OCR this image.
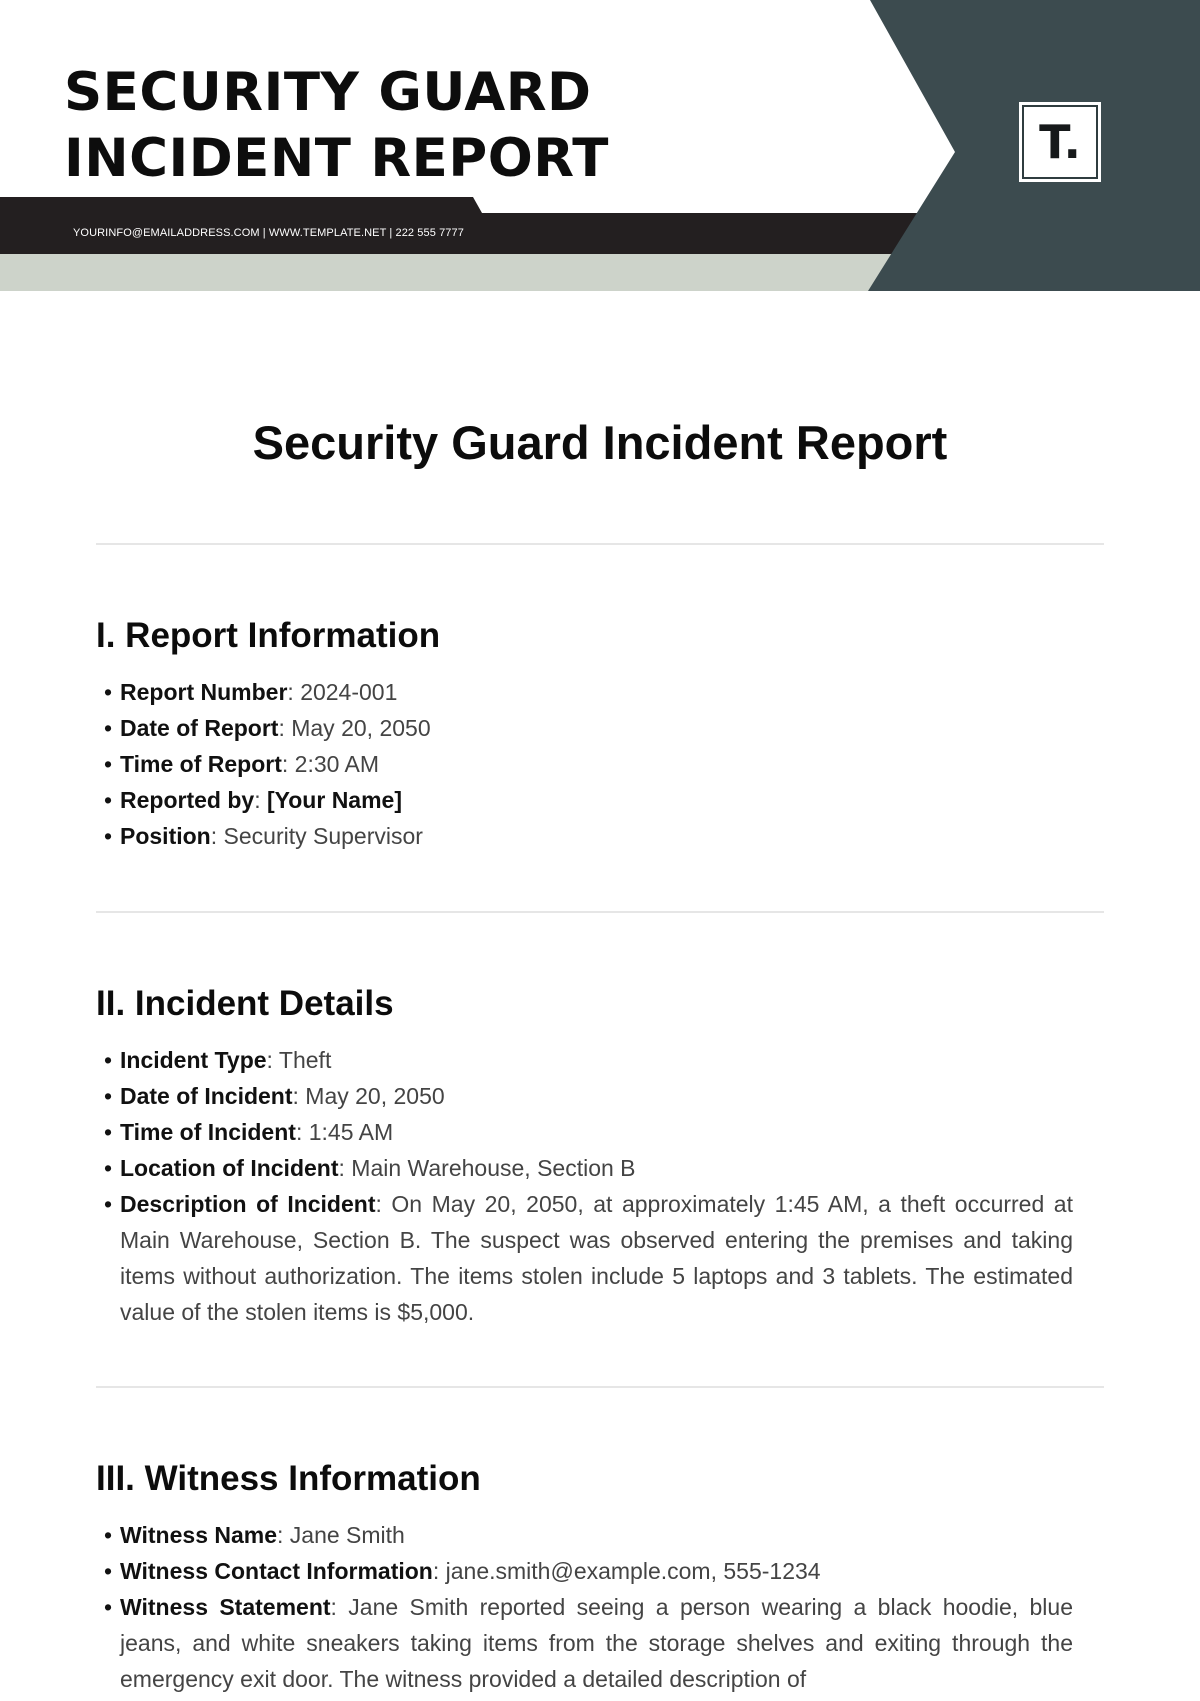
SECURITY GUARD
INCIDENT REPORT
YOURINFO@EMAILADDRESS.COM | WWW.TEMPLATE.NET | 222 555 7777
T.
Security Guard Incident Report
I. Report Information
• Report Number: 2024-001
• Date of Report: May 20, 2050
• Time of Report: 2:30 AM
• Reported by: [Your Name]
• Position: Security Supervisor
II. Incident Details
• Incident Type: Theft
• Date of Incident: May 20, 2050
• Time of Incident: 1:45 AM
• Location of Incident: Main Warehouse, Section B
• Description of Incident: On May 20, 2050, at approximately 1:45 AM, a theft occurred at Main Warehouse, Section B. The suspect was observed entering the premises and taking items without authorization. The items stolen include 5 laptops and 3 tablets. The estimated value of the stolen items is $5,000.
III. Witness Information
• Witness Name: Jane Smith
• Witness Contact Information: jane.smith@example.com, 555-1234
• Witness Statement: Jane Smith reported seeing a person wearing a black hoodie, blue jeans, and white sneakers taking items from the storage shelves and exiting through the emergency exit door. The witness provided a detailed description of
